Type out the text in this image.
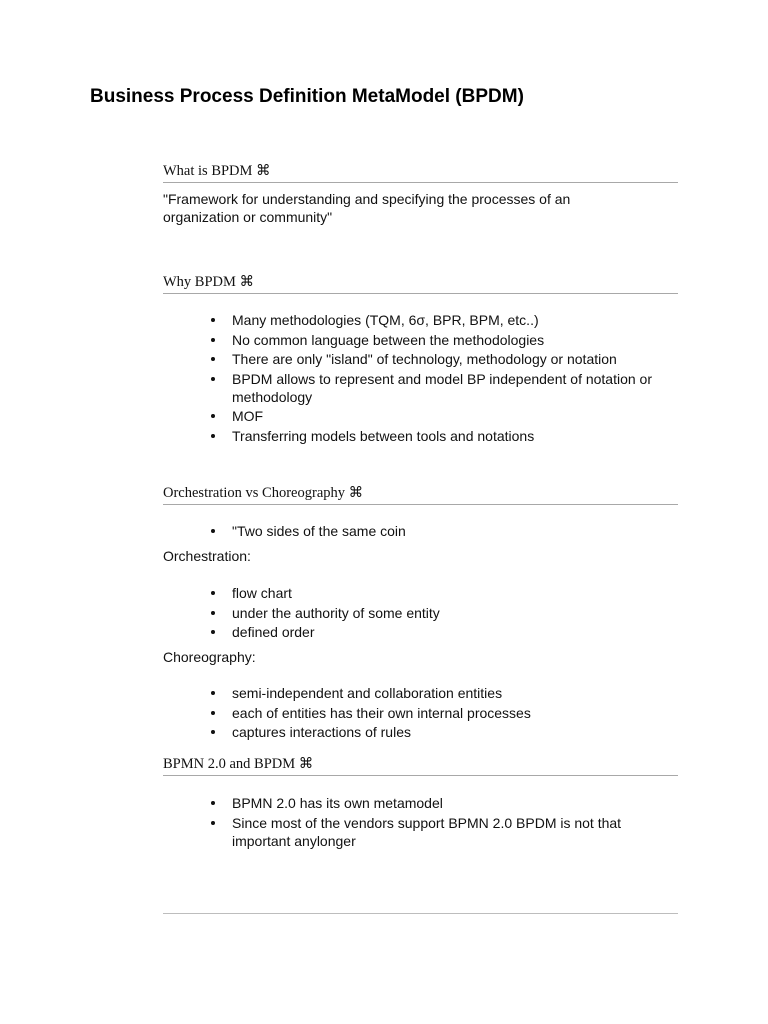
Business Process Definition MetaModel (BPDM)
What is BPDM ⌘

"Framework for understanding and specifying the processes of an organization or community"

Why BPDM ⌘
Many methodologies (TQM, 6σ, BPR, BPM, etc..)
No common language between the methodologies
There are only "island" of technology, methodology or notation
BPDM allows to represent and model BP independent of notation or methodology
MOF
Transferring models between tools and notations
Orchestration vs Choreography ⌘
"Two sides of the same coin

Orchestration:

flow chart
under the authority of some entity
defined order

Choreography:

semi-independent and collaboration entities
each of entities has their own internal processes
captures interactions of rules
BPMN 2.0 and BPDM ⌘
BPMN 2.0 has its own metamodel
Since most of the vendors support BPMN 2.0 BPDM is not that important anylonger
